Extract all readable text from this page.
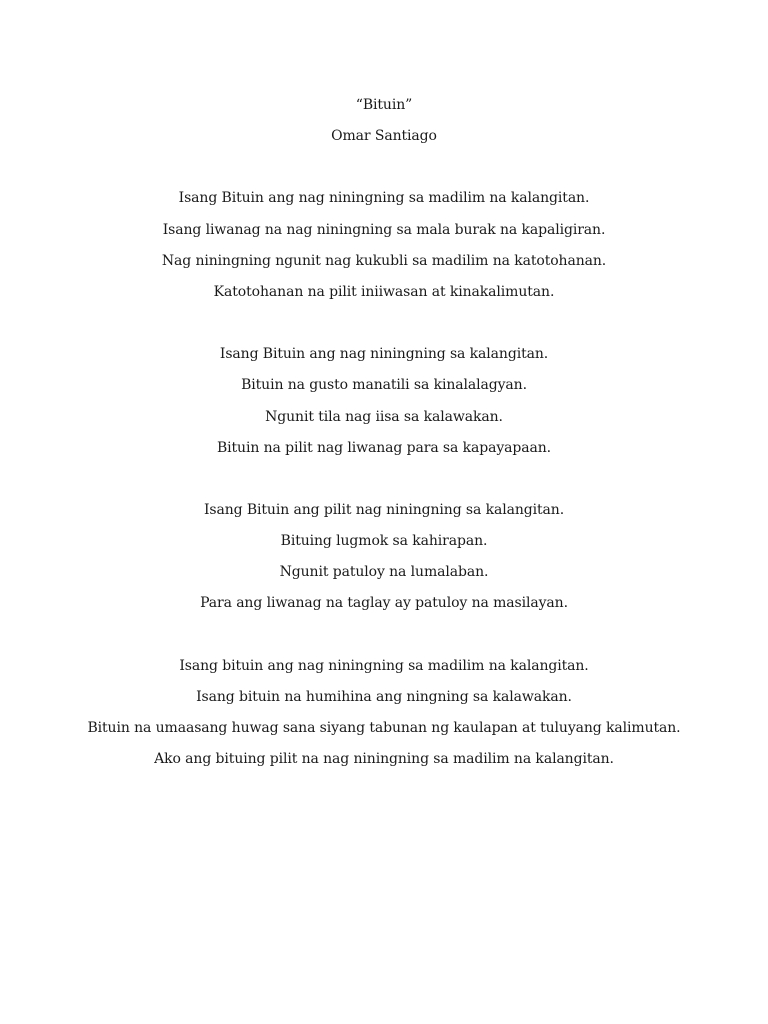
“Bituin”
Omar Santiago
Isang Bituin ang nag niningning sa madilim na kalangitan.
Isang liwanag na nag niningning sa mala burak na kapaligiran.
Nag niningning ngunit nag kukubli sa madilim na katotohanan.
Katotohanan na pilit iniiwasan at kinakalimutan.
Isang Bituin ang nag niningning sa kalangitan.
Bituin na gusto manatili sa kinalalagyan.
Ngunit tila nag iisa sa kalawakan.
Bituin na pilit nag liwanag para sa kapayapaan.
Isang Bituin ang pilit nag niningning sa kalangitan.
Bituing lugmok sa kahirapan.
Ngunit patuloy na lumalaban.
Para ang liwanag na taglay ay patuloy na masilayan.
Isang bituin ang nag niningning sa madilim na kalangitan.
Isang bituin na humihina ang ningning sa kalawakan.
Bituin na umaasang huwag sana siyang tabunan ng kaulapan at tuluyang kalimutan.
Ako ang bituing pilit na nag niningning sa madilim na kalangitan.
